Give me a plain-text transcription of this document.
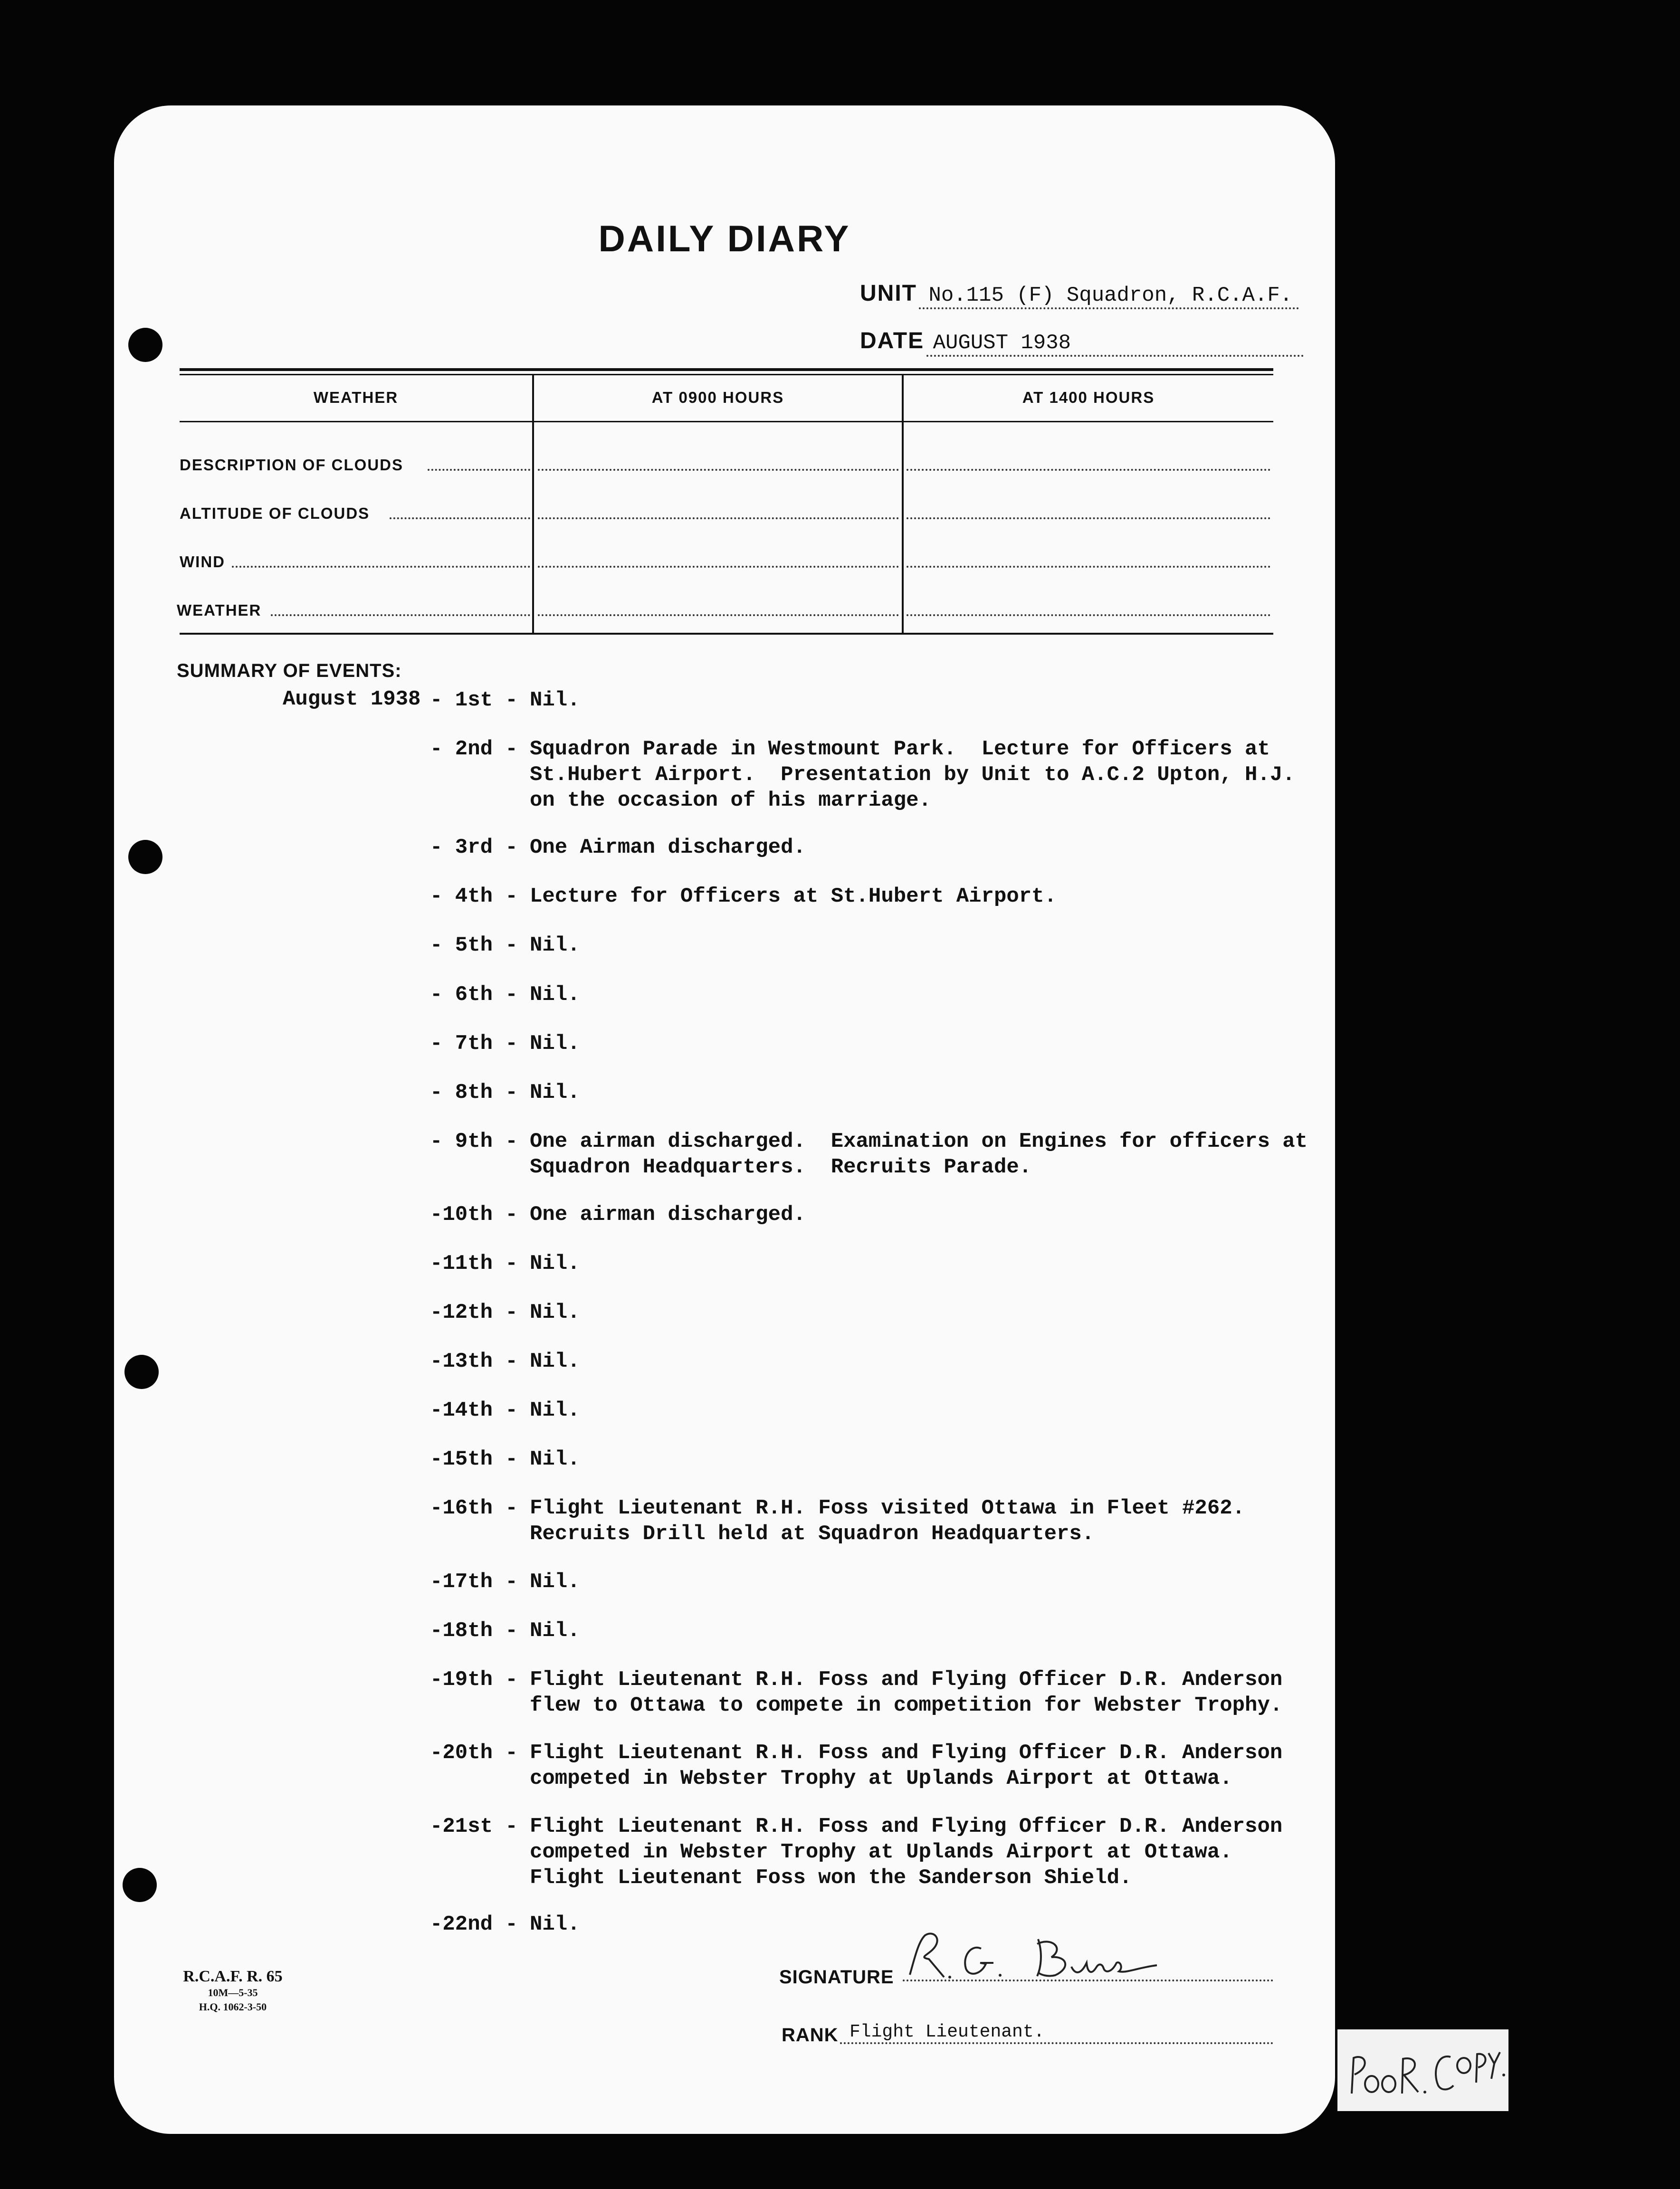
DAILY DIARY
UNIT No.115 (F) Squadron, R.C.A.F.
DATE AUGUST 1938
WEATHER	AT 0900 HOURS	AT 1400 HOURS
DESCRIPTION OF CLOUDS
ALTITUDE OF CLOUDS
WIND
WEATHER
SUMMARY OF EVENTS:
August 1938 - 1st - Nil.
- 2nd - Squadron Parade in Westmount Park.  Lecture for Officers at
St.Hubert Airport.  Presentation by Unit to A.C.2 Upton, H.J.
on the occasion of his marriage.
- 3rd - One Airman discharged.
- 4th - Lecture for Officers at St.Hubert Airport.
- 5th - Nil.
- 6th - Nil.
- 7th - Nil.
- 8th - Nil.
- 9th - One airman discharged.  Examination on Engines for officers at
Squadron Headquarters.  Recruits Parade.
-10th - One airman discharged.
-11th - Nil.
-12th - Nil.
-13th - Nil.
-14th - Nil.
-15th - Nil.
-16th - Flight Lieutenant R.H. Foss visited Ottawa in Fleet #262.
Recruits Drill held at Squadron Headquarters.
-17th - Nil.
-18th - Nil.
-19th - Flight Lieutenant R.H. Foss and Flying Officer D.R. Anderson
flew to Ottawa to compete in competition for Webster Trophy.
-20th - Flight Lieutenant R.H. Foss and Flying Officer D.R. Anderson
competed in Webster Trophy at Uplands Airport at Ottawa.
-21st - Flight Lieutenant R.H. Foss and Flying Officer D.R. Anderson
competed in Webster Trophy at Uplands Airport at Ottawa.
Flight Lieutenant Foss won the Sanderson Shield.
-22nd - Nil.
R.C.A.F. R. 65
10M—5-35
H.Q. 1062-3-50
SIGNATURE
RANK Flight Lieutenant.
